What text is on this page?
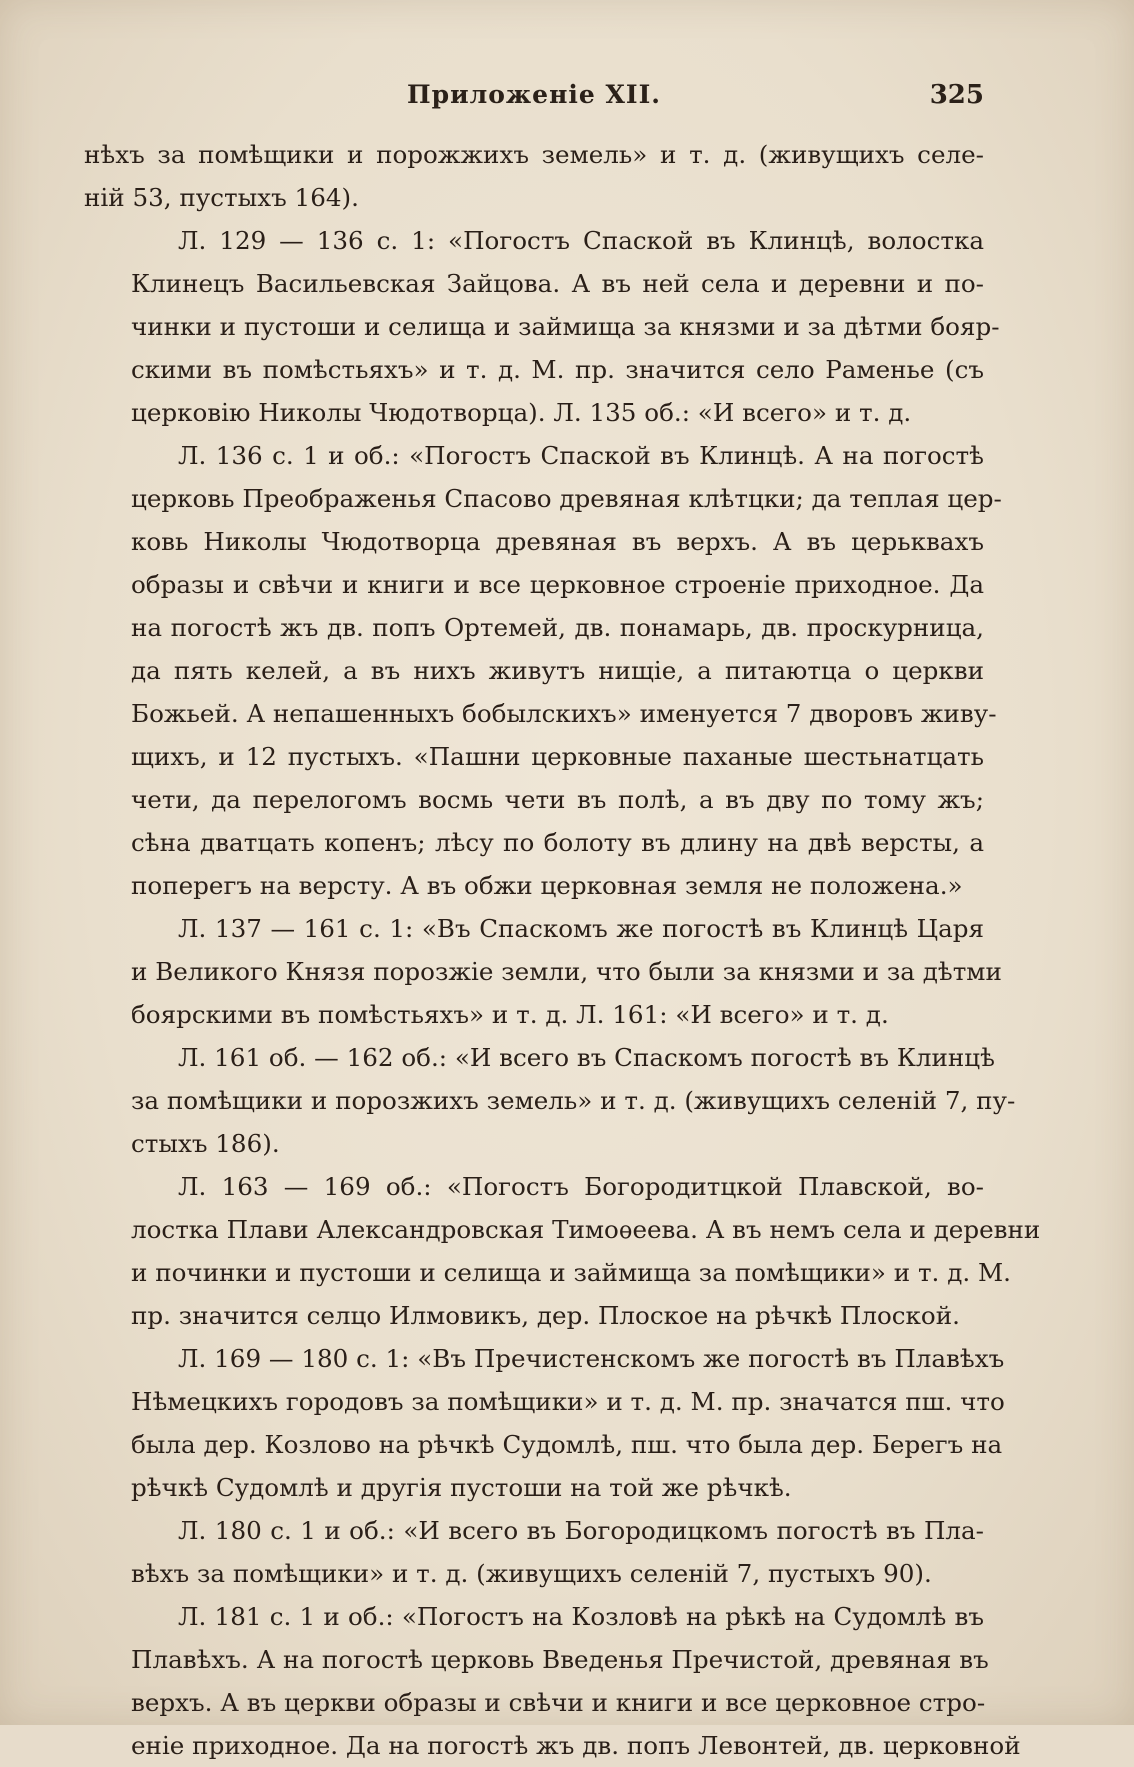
Приложеніе XII.	325
нѣхъ за помѣщики и порожжихъ земель» и т. д. (живущихъ селе-
ній 53, пустыхъ 164).
Л. 129 — 136 с. 1: «Погостъ Спаской въ Клинцѣ, волостка
Клинецъ Васильевская Зайцова. А въ ней села и деревни и по-
чинки и пустоши и селища и займища за князми и за дѣтми бояр-
скими въ помѣстьяхъ» и т. д. М. пр. значится село Раменье (съ
церковію Николы Чюдотворца). Л. 135 об.: «И всего» и т. д.
Л. 136 с. 1 и об.: «Погостъ Спаской въ Клинцѣ. А на погостѣ
церковь Преображенья Спасово древяная клѣтцки; да теплая цер-
ковь Николы Чюдотворца древяная въ верхъ. А въ церьквахъ
образы и свѣчи и книги и все церковное строеніе приходное. Да
на погостѣ жъ дв. попъ Ортемей, дв. понамарь, дв. проскурница,
да пять келей, а въ нихъ живутъ нищіе, а питаютца о церкви
Божьей. А непашенныхъ бобылскихъ» именуется 7 дворовъ живу-
щихъ, и 12 пустыхъ. «Пашни церковные паханые шестьнатцать
чети, да перелогомъ восмь чети въ полѣ, а въ дву по тому жъ;
сѣна дватцать копенъ; лѣсу по болоту въ длину на двѣ версты, а
поперегъ на версту. А въ обжи церковная земля не положена.»
Л. 137 — 161 с. 1: «Въ Спаскомъ же погостѣ въ Клинцѣ Царя
и Великого Князя порозжіе земли, что были за князми и за дѣтми
боярскими въ помѣстьяхъ» и т. д. Л. 161: «И всего» и т. д.
Л. 161 об. — 162 об.: «И всего въ Спаскомъ погостѣ въ Клинцѣ
за помѣщики и порозжихъ земель» и т. д. (живущихъ селеній 7, пу-
стыхъ 186).
Л. 163 — 169 об.: «Погостъ Богородитцкой Плавской, во-
лостка Плави Александровская Тимоѳеева. А въ немъ села и деревни
и починки и пустоши и селища и займища за помѣщики» и т. д. М.
пр. значится селцо Илмовикъ, дер. Плоское на рѣчкѣ Плоской.
Л. 169 — 180 с. 1: «Въ Пречистенскомъ же погостѣ въ Плавѣхъ
Нѣмецкихъ городовъ за помѣщики» и т. д. М. пр. значатся пш. что
была дер. Козлово на рѣчкѣ Судомлѣ, пш. что была дер. Берегъ на
рѣчкѣ Судомлѣ и другія пустоши на той же рѣчкѣ.
Л. 180 с. 1 и об.: «И всего въ Богородицкомъ погостѣ въ Пла-
вѣхъ за помѣщики» и т. д. (живущихъ селеній 7, пустыхъ 90).
Л. 181 с. 1 и об.: «Погостъ на Козловѣ на рѣкѣ на Судомлѣ въ
Плавѣхъ. А на погостѣ церковь Введенья Пречистой, древяная въ
верхъ. А въ церкви образы и свѣчи и книги и все церковное стро-
еніе приходное. Да на погостѣ жъ дв. попъ Левонтей, дв. церковной
